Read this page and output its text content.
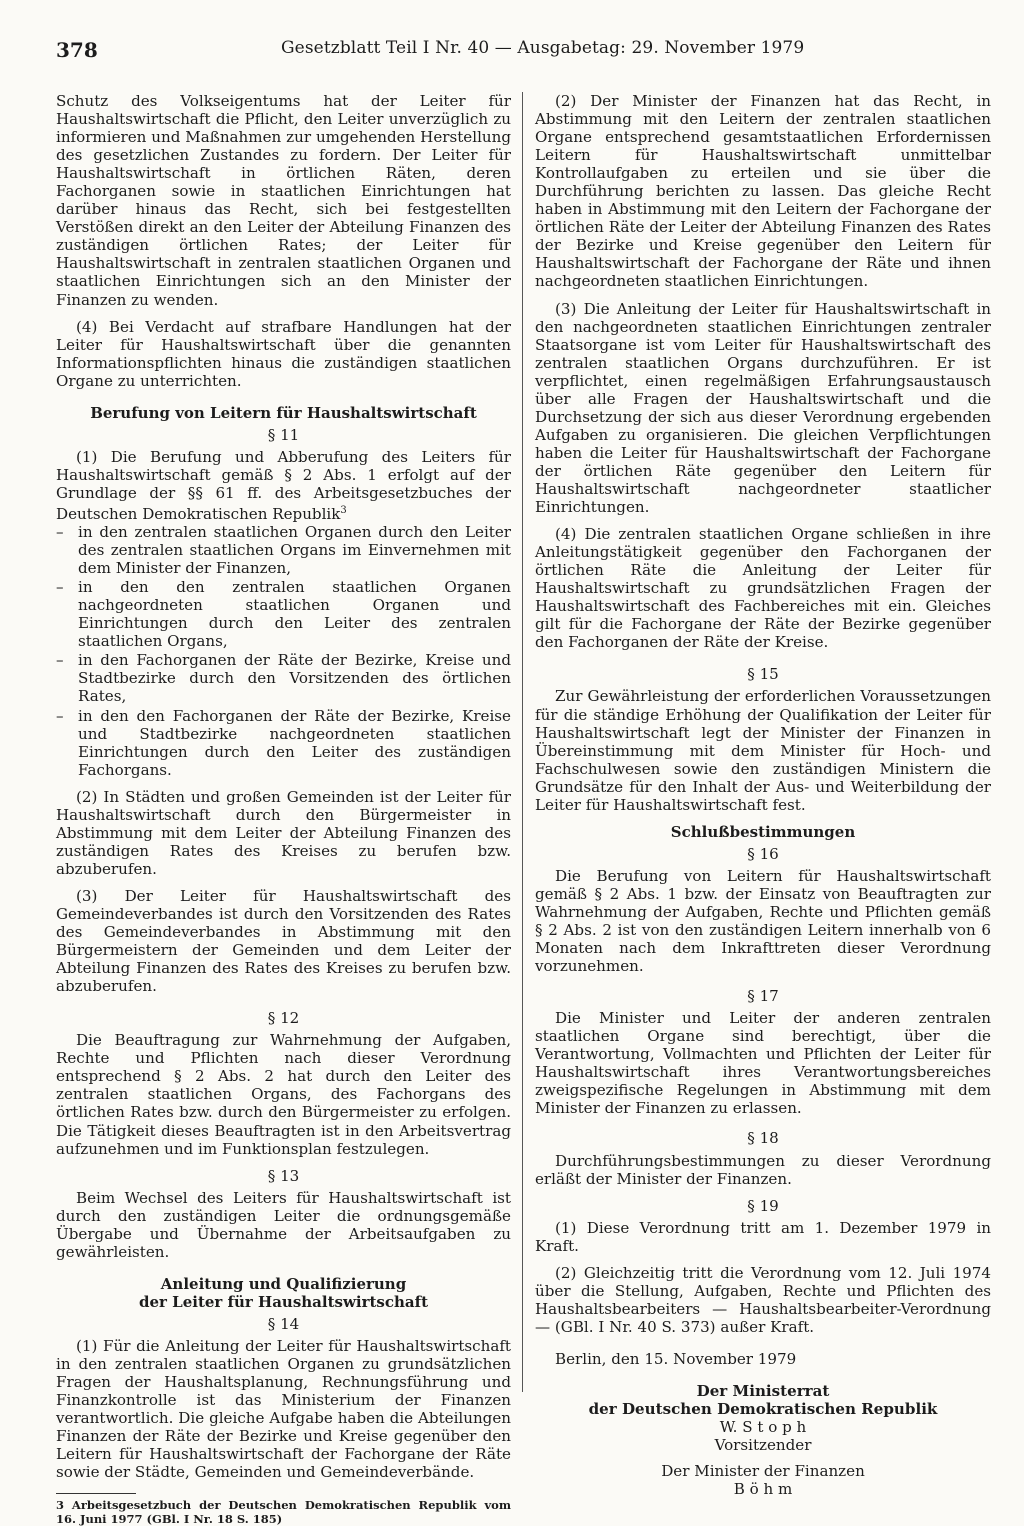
378	Gesetzblatt Teil I Nr. 40 — Ausgabetag: 29. November 1979

Schutz des Volkseigentums hat der Leiter für Haushaltswirtschaft die Pflicht, den Leiter unverzüglich zu informieren und Maßnahmen zur umgehenden Herstellung des gesetzlichen Zustandes zu fordern. Der Leiter für Haushaltswirtschaft in örtlichen Räten, deren Fachorganen sowie in staatlichen Einrichtungen hat darüber hinaus das Recht, sich bei festgestellten Verstößen direkt an den Leiter der Abteilung Finanzen des zuständigen örtlichen Rates; der Leiter für Haushaltswirtschaft in zentralen staatlichen Organen und staatlichen Einrichtungen sich an den Minister der Finanzen zu wenden.

(4) Bei Verdacht auf strafbare Handlungen hat der Leiter für Haushaltswirtschaft über die genannten Informationspflichten hinaus die zuständigen staatlichen Organe zu unterrichten.

Berufung von Leitern für Haushaltswirtschaft
§ 11

(1) Die Berufung und Abberufung des Leiters für Haushaltswirtschaft gemäß § 2 Abs. 1 erfolgt auf der Grundlage der §§ 61 ff. des Arbeitsgesetzbuches der Deutschen Demokratischen Republik$^3$

– in den zentralen staatlichen Organen durch den Leiter des zentralen staatlichen Organs im Einvernehmen mit dem Minister der Finanzen,
– in den den zentralen staatlichen Organen nachgeordneten staatlichen Organen und Einrichtungen durch den Leiter des zentralen staatlichen Organs,
– in den Fachorganen der Räte der Bezirke, Kreise und Stadtbezirke durch den Vorsitzenden des örtlichen Rates,
– in den den Fachorganen der Räte der Bezirke, Kreise und Stadtbezirke nachgeordneten staatlichen Einrichtungen durch den Leiter des zuständigen Fachorgans.

(2) In Städten und großen Gemeinden ist der Leiter für Haushaltswirtschaft durch den Bürgermeister in Abstimmung mit dem Leiter der Abteilung Finanzen des zuständigen Rates des Kreises zu berufen bzw. abzuberufen.

(3) Der Leiter für Haushaltswirtschaft des Gemeindeverbandes ist durch den Vorsitzenden des Rates des Gemeindeverbandes in Abstimmung mit den Bürgermeistern der Gemeinden und dem Leiter der Abteilung Finanzen des Rates des Kreises zu berufen bzw. abzuberufen.

§ 12

Die Beauftragung zur Wahrnehmung der Aufgaben, Rechte und Pflichten nach dieser Verordnung entsprechend § 2 Abs. 2 hat durch den Leiter des zentralen staatlichen Organs, des Fachorgans des örtlichen Rates bzw. durch den Bürgermeister zu erfolgen. Die Tätigkeit dieses Beauftragten ist in den Arbeitsvertrag aufzunehmen und im Funktionsplan festzulegen.

§ 13

Beim Wechsel des Leiters für Haushaltswirtschaft ist durch den zuständigen Leiter die ordnungsgemäße Übergabe und Übernahme der Arbeitsaufgaben zu gewährleisten.

Anleitung und Qualifizierung
der Leiter für Haushaltswirtschaft
§ 14

(1) Für die Anleitung der Leiter für Haushaltswirtschaft in den zentralen staatlichen Organen zu grundsätzlichen Fragen der Haushaltsplanung, Rechnungsführung und Finanzkontrolle ist das Ministerium der Finanzen verantwortlich. Die gleiche Aufgabe haben die Abteilungen Finanzen der Räte der Bezirke und Kreise gegenüber den Leitern für Haushaltswirtschaft der Fachorgane der Räte sowie der Städte, Gemeinden und Gemeindeverbände.

3 Arbeitsgesetzbuch der Deutschen Demokratischen Republik vom 16. Juni 1977 (GBl. I Nr. 18 S. 185)

(2) Der Minister der Finanzen hat das Recht, in Abstimmung mit den Leitern der zentralen staatlichen Organe entsprechend gesamtstaatlichen Erfordernissen Leitern für Haushaltswirtschaft unmittelbar Kontrollaufgaben zu erteilen und sie über die Durchführung berichten zu lassen. Das gleiche Recht haben in Abstimmung mit den Leitern der Fachorgane der örtlichen Räte der Leiter der Abteilung Finanzen des Rates der Bezirke und Kreise gegenüber den Leitern für Haushaltswirtschaft der Fachorgane der Räte und ihnen nachgeordneten staatlichen Einrichtungen.

(3) Die Anleitung der Leiter für Haushaltswirtschaft in den nachgeordneten staatlichen Einrichtungen zentraler Staatsorgane ist vom Leiter für Haushaltswirtschaft des zentralen staatlichen Organs durchzuführen. Er ist verpflichtet, einen regelmäßigen Erfahrungsaustausch über alle Fragen der Haushaltswirtschaft und die Durchsetzung der sich aus dieser Verordnung ergebenden Aufgaben zu organisieren. Die gleichen Verpflichtungen haben die Leiter für Haushaltswirtschaft der Fachorgane der örtlichen Räte gegenüber den Leitern für Haushaltswirtschaft nachgeordneter staatlicher Einrichtungen.

(4) Die zentralen staatlichen Organe schließen in ihre Anleitungstätigkeit gegenüber den Fachorganen der örtlichen Räte die Anleitung der Leiter für Haushaltswirtschaft zu grundsätzlichen Fragen der Haushaltswirtschaft des Fachbereiches mit ein. Gleiches gilt für die Fachorgane der Räte der Bezirke gegenüber den Fachorganen der Räte der Kreise.

§ 15

Zur Gewährleistung der erforderlichen Voraussetzungen für die ständige Erhöhung der Qualifikation der Leiter für Haushaltswirtschaft legt der Minister der Finanzen in Übereinstimmung mit dem Minister für Hoch- und Fachschulwesen sowie den zuständigen Ministern die Grundsätze für den Inhalt der Aus- und Weiterbildung der Leiter für Haushaltswirtschaft fest.

Schlußbestimmungen
§ 16

Die Berufung von Leitern für Haushaltswirtschaft gemäß § 2 Abs. 1 bzw. der Einsatz von Beauftragten zur Wahrnehmung der Aufgaben, Rechte und Pflichten gemäß § 2 Abs. 2 ist von den zuständigen Leitern innerhalb von 6 Monaten nach dem Inkrafttreten dieser Verordnung vorzunehmen.

§ 17

Die Minister und Leiter der anderen zentralen staatlichen Organe sind berechtigt, über die Verantwortung, Vollmachten und Pflichten der Leiter für Haushaltswirtschaft ihres Verantwortungsbereiches zweigspezifische Regelungen in Abstimmung mit dem Minister der Finanzen zu erlassen.

§ 18

Durchführungsbestimmungen zu dieser Verordnung erläßt der Minister der Finanzen.

§ 19

(1) Diese Verordnung tritt am 1. Dezember 1979 in Kraft.

(2) Gleichzeitig tritt die Verordnung vom 12. Juli 1974 über die Stellung, Aufgaben, Rechte und Pflichten des Haushaltsbearbeiters — Haushaltsbearbeiter-Verordnung — (GBl. I Nr. 40 S. 373) außer Kraft.

Berlin, den 15. November 1979

Der Ministerrat
der Deutschen Demokratischen Republik
W. S t o p h
Vorsitzender
Der Minister der Finanzen
B ö h m
